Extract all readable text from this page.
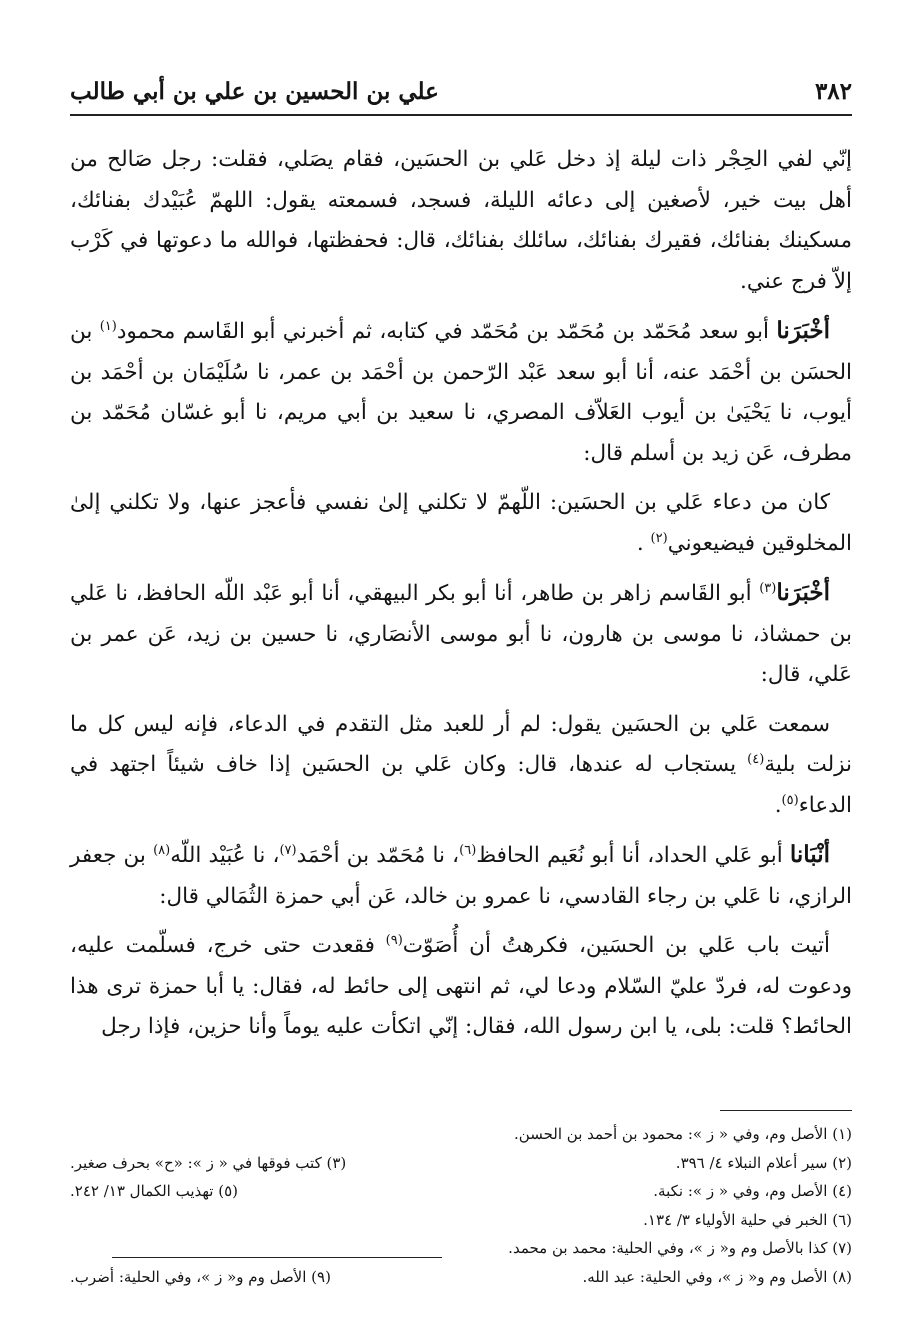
٣٨٢
علي بن الحسين بن علي بن أبي طالب

إنّي لفي الحِجْر ذات ليلة إذ دخل عَلي بن الحسَين، فقام يصَلي، فقلت: رجل صَالح من أهل بيت خير، لأصغين إلى دعائه الليلة، فسجد، فسمعته يقول: اللهمّ عُبَيْدك بفنائك، مسكينك بفنائك، فقيرك بفنائك، سائلك بفنائك، قال: فحفظتها، فوالله ما دعوتها في كَرْب إلاّ فرج عني.

أخْبَرَنا أبو سعد مُحَمّد بن مُحَمّد بن مُحَمّد في كتابه، ثم أخبرني أبو القَاسم محمود$^{(١)}$ بن الحسَن بن أحْمَد عنه، أنا أبو سعد عَبْد الرّحمن بن أحْمَد بن عمر، نا سُلَيْمَان بن أحْمَد بن أيوب، نا يَحْيَىٰ بن أيوب العَلاّف المصري، نا سعيد بن أبي مريم، نا أبو غسّان مُحَمّد بن مطرف، عَن زيد بن أسلم قال:

كان من دعاء عَلي بن الحسَين: اللّهمّ لا تكلني إلىٰ نفسي فأعجز عنها، ولا تكلني إلىٰ المخلوقين فيضيعوني$^{(٢)}$ .

أخْبَرَنا$^{(٣)}$ أبو القَاسم زاهر بن طاهر، أنا أبو بكر البيهقي، أنا أبو عَبْد اللّه الحافظ، نا عَلي بن حمشاذ، نا موسى بن هارون، نا أبو موسى الأنصَاري، نا حسين بن زيد، عَن عمر بن عَلي، قال:

سمعت عَلي بن الحسَين يقول: لم أر للعبد مثل التقدم في الدعاء، فإنه ليس كل ما نزلت بلية$^{(٤)}$ يستجاب له عندها، قال: وكان عَلي بن الحسَين إذا خاف شيئاً اجتهد في الدعاء$^{(٥)}$.

أنْبَانا أبو عَلي الحداد، أنا أبو نُعَيم الحافظ$^{(٦)}$، نا مُحَمّد بن أحْمَد$^{(٧)}$، نا عُبَيْد اللّه$^{(٨)}$ بن جعفر الرازي، نا عَلي بن رجاء القادسي، نا عمرو بن خالد، عَن أبي حمزة الثُمَالي قال:

أتيت باب عَلي بن الحسَين، فكرهتُ أن أُصَوّت$^{(٩)}$ فقعدت حتى خرج، فسلّمت عليه، ودعوت له، فردّ عليّ السّلام ودعا لي، ثم انتهى إلى حائط له، فقال: يا أبا حمزة ترى هذا الحائط؟ قلت: بلى، يا ابن رسول الله، فقال: إنّي اتكأت عليه يوماً وأنا حزين، فإذا رجل

(١) الأصل وم، وفي « ز »: محمود بن أحمد بن الحسن.
(٢) سير أعلام النبلاء ٤/ ٣٩٦.
(٣) كتب فوقها في « ز »: «ح» بحرف صغير.
(٤) الأصل وم، وفي « ز »: نكبة.
(٥) تهذيب الكمال ١٣/ ٢٤٢.
(٦) الخبر في حلية الأولياء ٣/ ١٣٤.
(٧) كذا بالأصل وم و« ز »، وفي الحلية: محمد بن محمد.
(٨) الأصل وم و« ز »، وفي الحلية: عبد الله.
(٩) الأصل وم و« ز »، وفي الحلية: أضرب.
